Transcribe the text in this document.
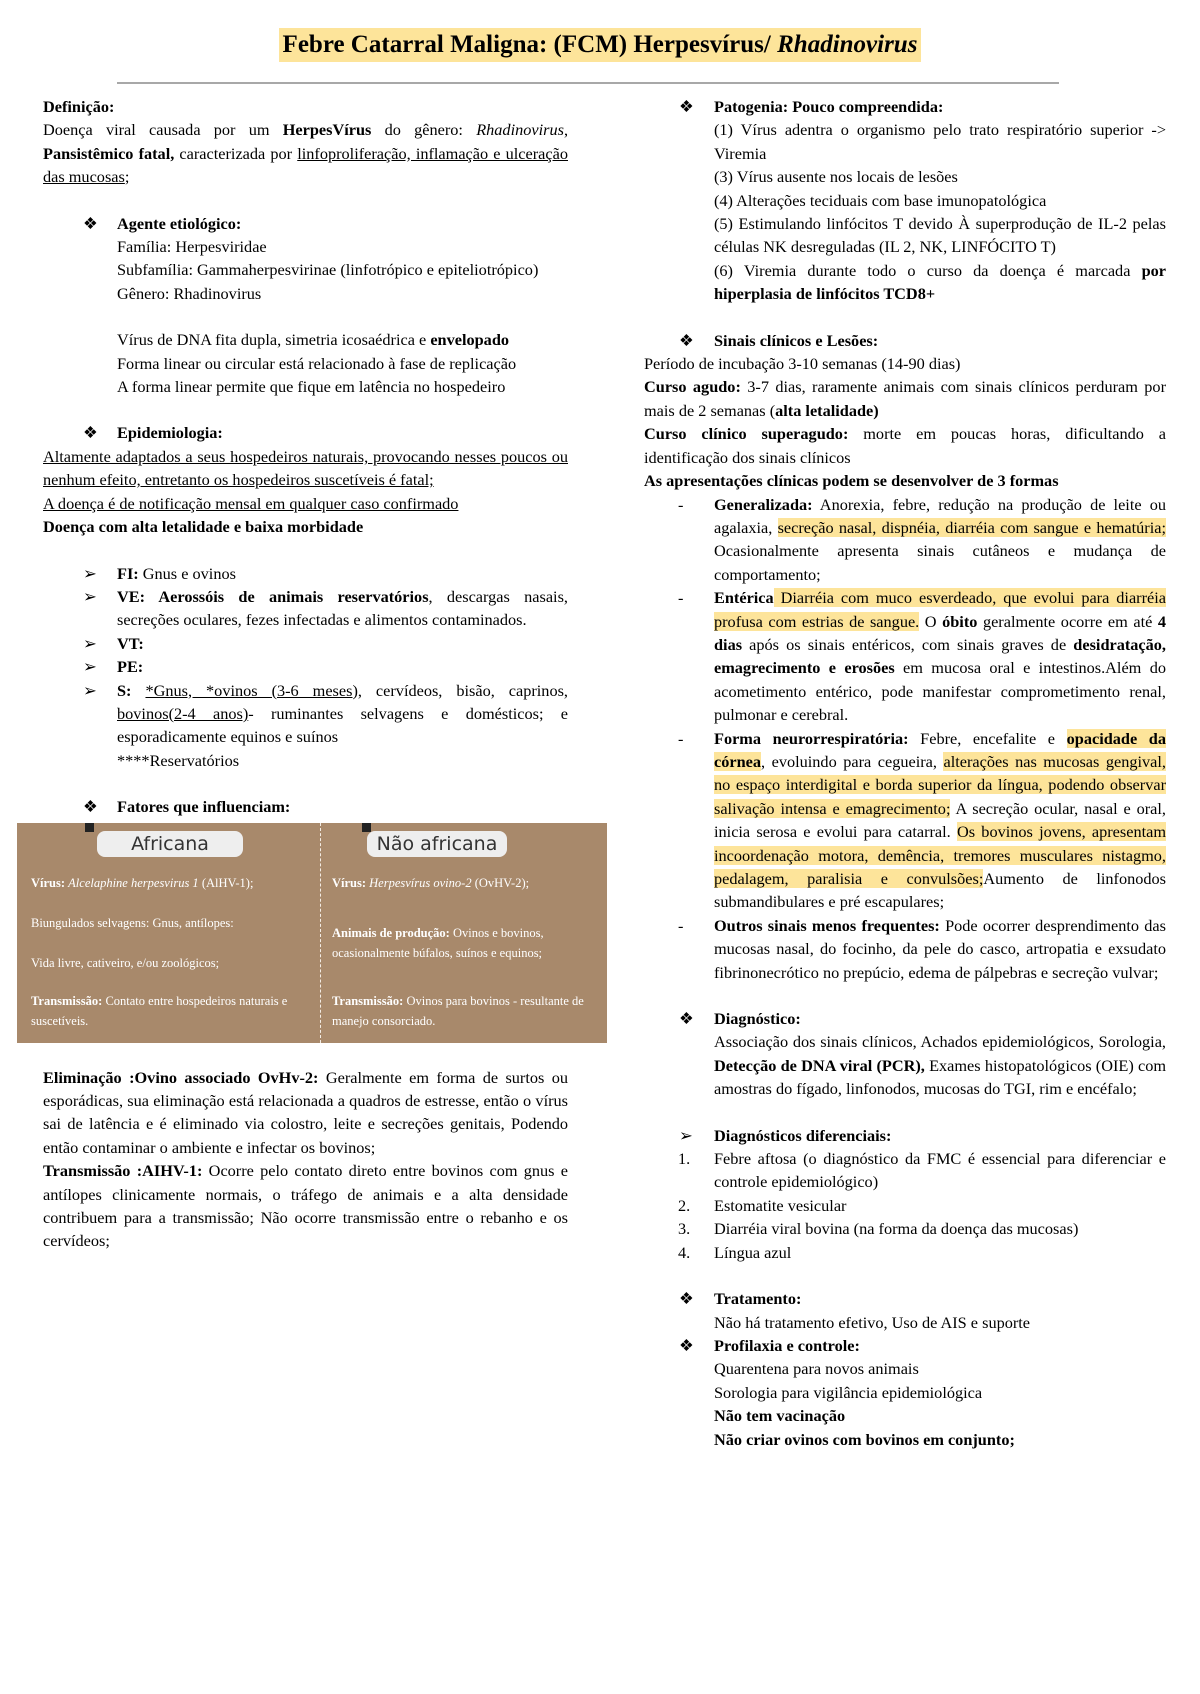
Febre Catarral Maligna: (FCM) Herpesvírus/ Rhadinovirus

Definição:

Doença viral causada por um HerpesVírus do gênero: Rhadinovirus, Pansistêmico fatal, caracterizada por linfoproliferação, inflamação e ulceração das mucosas;

❖ Agente etiológico:

Família: Herpesviridae

Subfamília: Gammaherpesvirinae (linfotrópico e epiteliotrópico)

Gênero: Rhadinovirus

Vírus de DNA fita dupla, simetria icosaédrica e envelopado

Forma linear ou circular está relacionado à fase de replicação

A forma linear permite que fique em latência no hospedeiro

❖ Epidemiologia:

Altamente adaptados a seus hospedeiros naturais, provocando nesses poucos ou nenhum efeito, entretanto os hospedeiros suscetíveis é fatal;

A doença é de notificação mensal em qualquer caso confirmado

Doença com alta letalidade e baixa morbidade

➢ FI: Gnus e ovinos
➢ VE: Aerossóis de animais reservatórios, descargas nasais, secreções oculares, fezes infectadas e alimentos contaminados.
➢ VT:
➢ PE:
➢ S: *Gnus, *ovinos (3-6 meses), cervídeos, bisão, caprinos, bovinos(2-4 anos)- ruminantes selvagens e domésticos; e esporadicamente equinos e suínos
****Reservatórios
❖ Fatores que influenciam:
Africana	Não africana
Vírus: Alcelaphine herpesvirus 1 (AlHV-1);
Biungulados selvagens: Gnus, antílopes:
Vida livre, cativeiro, e/ou zoológicos;
Transmissão: Contato entre hospedeiros naturais e suscetíveis.
Vírus: Herpesvírus ovino-2 (OvHV-2);
Animais de produção: Ovinos e bovinos, ocasionalmente búfalos, suínos e equinos;
Transmissão: Ovinos para bovinos - resultante de manejo consorciado.

Eliminação :Ovino associado OvHv-2: Geralmente em forma de surtos ou esporádicas, sua eliminação está relacionada a quadros de estresse, então o vírus sai de latência e é eliminado via colostro, leite e secreções genitais, Podendo então contaminar o ambiente e infectar os bovinos;

Transmissão :AIHV-1: Ocorre pelo contato direto entre bovinos com gnus e antílopes clinicamente normais, o tráfego de animais e a alta densidade contribuem para a transmissão; Não ocorre transmissão entre o rebanho e os cervídeos;

❖ Patogenia: Pouco compreendida:

(1) Vírus adentra o organismo pelo trato respiratório superior -> Viremia

(3) Vírus ausente nos locais de lesões

(4) Alterações teciduais com base imunopatológica

(5) Estimulando linfócitos T devido À superprodução de IL-2 pelas células NK desreguladas (IL 2, NK, LINFÓCITO T)

(6) Viremia durante todo o curso da doença é marcada por hiperplasia de linfócitos TCD8+

❖ Sinais clínicos e Lesões:

Período de incubação 3-10 semanas (14-90 dias)

Curso agudo: 3-7 dias, raramente animais com sinais clínicos perduram por mais de 2 semanas (alta letalidade)

Curso clínico superagudo: morte em poucas horas, dificultando a identificação dos sinais clínicos

As apresentações clínicas podem se desenvolver de 3 formas

- Generalizada: Anorexia, febre, redução na produção de leite ou agalaxia, secreção nasal, dispnéia, diarréia com sangue e hematúria; Ocasionalmente apresenta sinais cutâneos e mudança de comportamento;
- Entérica Diarréia com muco esverdeado, que evolui para diarréia profusa com estrias de sangue. O óbito geralmente ocorre em até 4 dias após os sinais entéricos, com sinais graves de desidratação, emagrecimento e erosões em mucosa oral e intestinos.Além do acometimento entérico, pode manifestar comprometimento renal, pulmonar e cerebral.
- Forma neurorrespiratória: Febre, encefalite e opacidade da córnea, evoluindo para cegueira, alterações nas mucosas gengival, no espaço interdigital e borda superior da língua, podendo observar salivação intensa e emagrecimento; A secreção ocular, nasal e oral, inicia serosa e evolui para catarral. Os bovinos jovens, apresentam incoordenação motora, demência, tremores musculares nistagmo, pedalagem, paralisia e convulsões;Aumento de linfonodos submandibulares e pré escapulares;
- Outros sinais menos frequentes: Pode ocorrer desprendimento das mucosas nasal, do focinho, da pele do casco, artropatia e exsudato fibrinonecrótico no prepúcio, edema de pálpebras e secreção vulvar;
❖ Diagnóstico:

Associação dos sinais clínicos, Achados epidemiológicos, Sorologia, Detecção de DNA viral (PCR), Exames histopatológicos (OIE) com amostras do fígado, linfonodos, mucosas do TGI, rim e encéfalo;

➢ Diagnósticos diferenciais:
1. Febre aftosa (o diagnóstico da FMC é essencial para diferenciar e controle epidemiológico)
2. Estomatite vesicular
3. Diarréia viral bovina (na forma da doença das mucosas)
4. Língua azul
❖ Tratamento:

Não há tratamento efetivo, Uso de AIS e suporte

❖ Profilaxia e controle:

Quarentena para novos animais

Sorologia para vigilância epidemiológica

Não tem vacinação

Não criar ovinos com bovinos em conjunto;
